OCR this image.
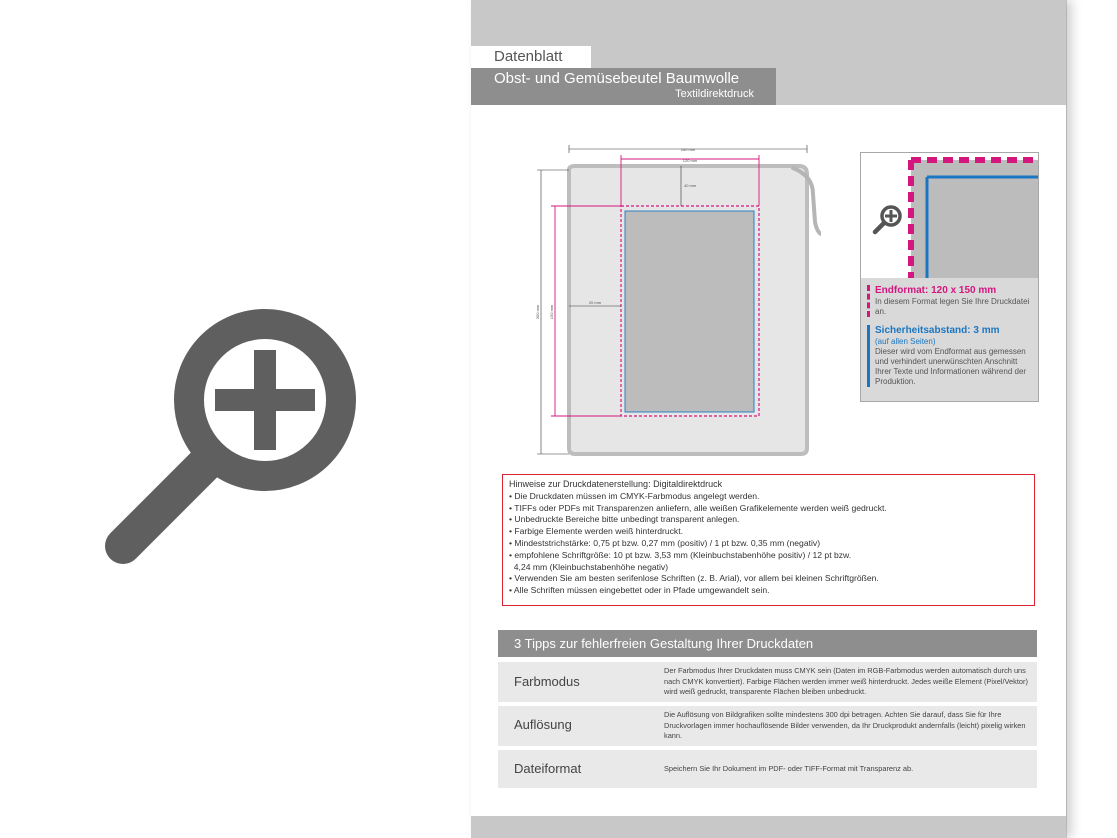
Datenblatt
Obst- und Gemüsebeutel Baumwolle
Textildirektdruck
160 mm
120 mm
40 mm
300 mm 150 mm
20 mm
Endformat: 120 x 150 mm
In diesem Format legen Sie Ihre Druckdatei an.
Sicherheitsabstand: 3 mm
(auf allen Seiten)
Dieser wird vom Endformat aus gemessen und verhindert unerwünschten Anschnitt Ihrer Texte und Informationen während der Produktion.
Hinweise zur Druckdatenerstellung: Digitaldirektdruck
• Die Druckdaten müssen im CMYK-Farbmodus angelegt werden.
• TIFFs oder PDFs mit Transparenzen anliefern, alle weißen Grafikelemente werden weiß gedruckt.
• Unbedruckte Bereiche bitte unbedingt transparent anlegen.
• Farbige Elemente werden weiß hinterdruckt.
• Mindeststrichstärke: 0,75 pt bzw. 0,27 mm (positiv) / 1 pt bzw. 0,35 mm (negativ)
• empfohlene Schriftgröße: 10 pt bzw. 3,53 mm (Kleinbuchstabenhöhe positiv) / 12 pt bzw.
4,24 mm (Kleinbuchstabenhöhe negativ)
• Verwenden Sie am besten serifenlose Schriften (z. B. Arial), vor allem bei kleinen Schriftgrößen.
• Alle Schriften müssen eingebettet oder in Pfade umgewandelt sein.
3 Tipps zur fehlerfreien Gestaltung Ihrer Druckdaten
Farbmodus
Der Farbmodus Ihrer Druckdaten muss CMYK sein (Daten im RGB-Farbmodus werden automatisch durch uns nach CMYK konvertiert). Farbige Flächen werden immer weiß hinterdruckt. Jedes weiße Element (Pixel/Vektor) wird weiß gedruckt, transparente Flächen bleiben unbedruckt.
Auflösung
Die Auflösung von Bildgrafiken sollte mindestens 300 dpi betragen. Achten Sie darauf, dass Sie für Ihre Druckvorlagen immer hochauflösende Bilder verwenden, da Ihr Druckprodukt andernfalls (leicht) pixelig wirken kann.
Dateiformat	Speichern Sie Ihr Dokument im PDF- oder TIFF-Format mit Transparenz ab.
